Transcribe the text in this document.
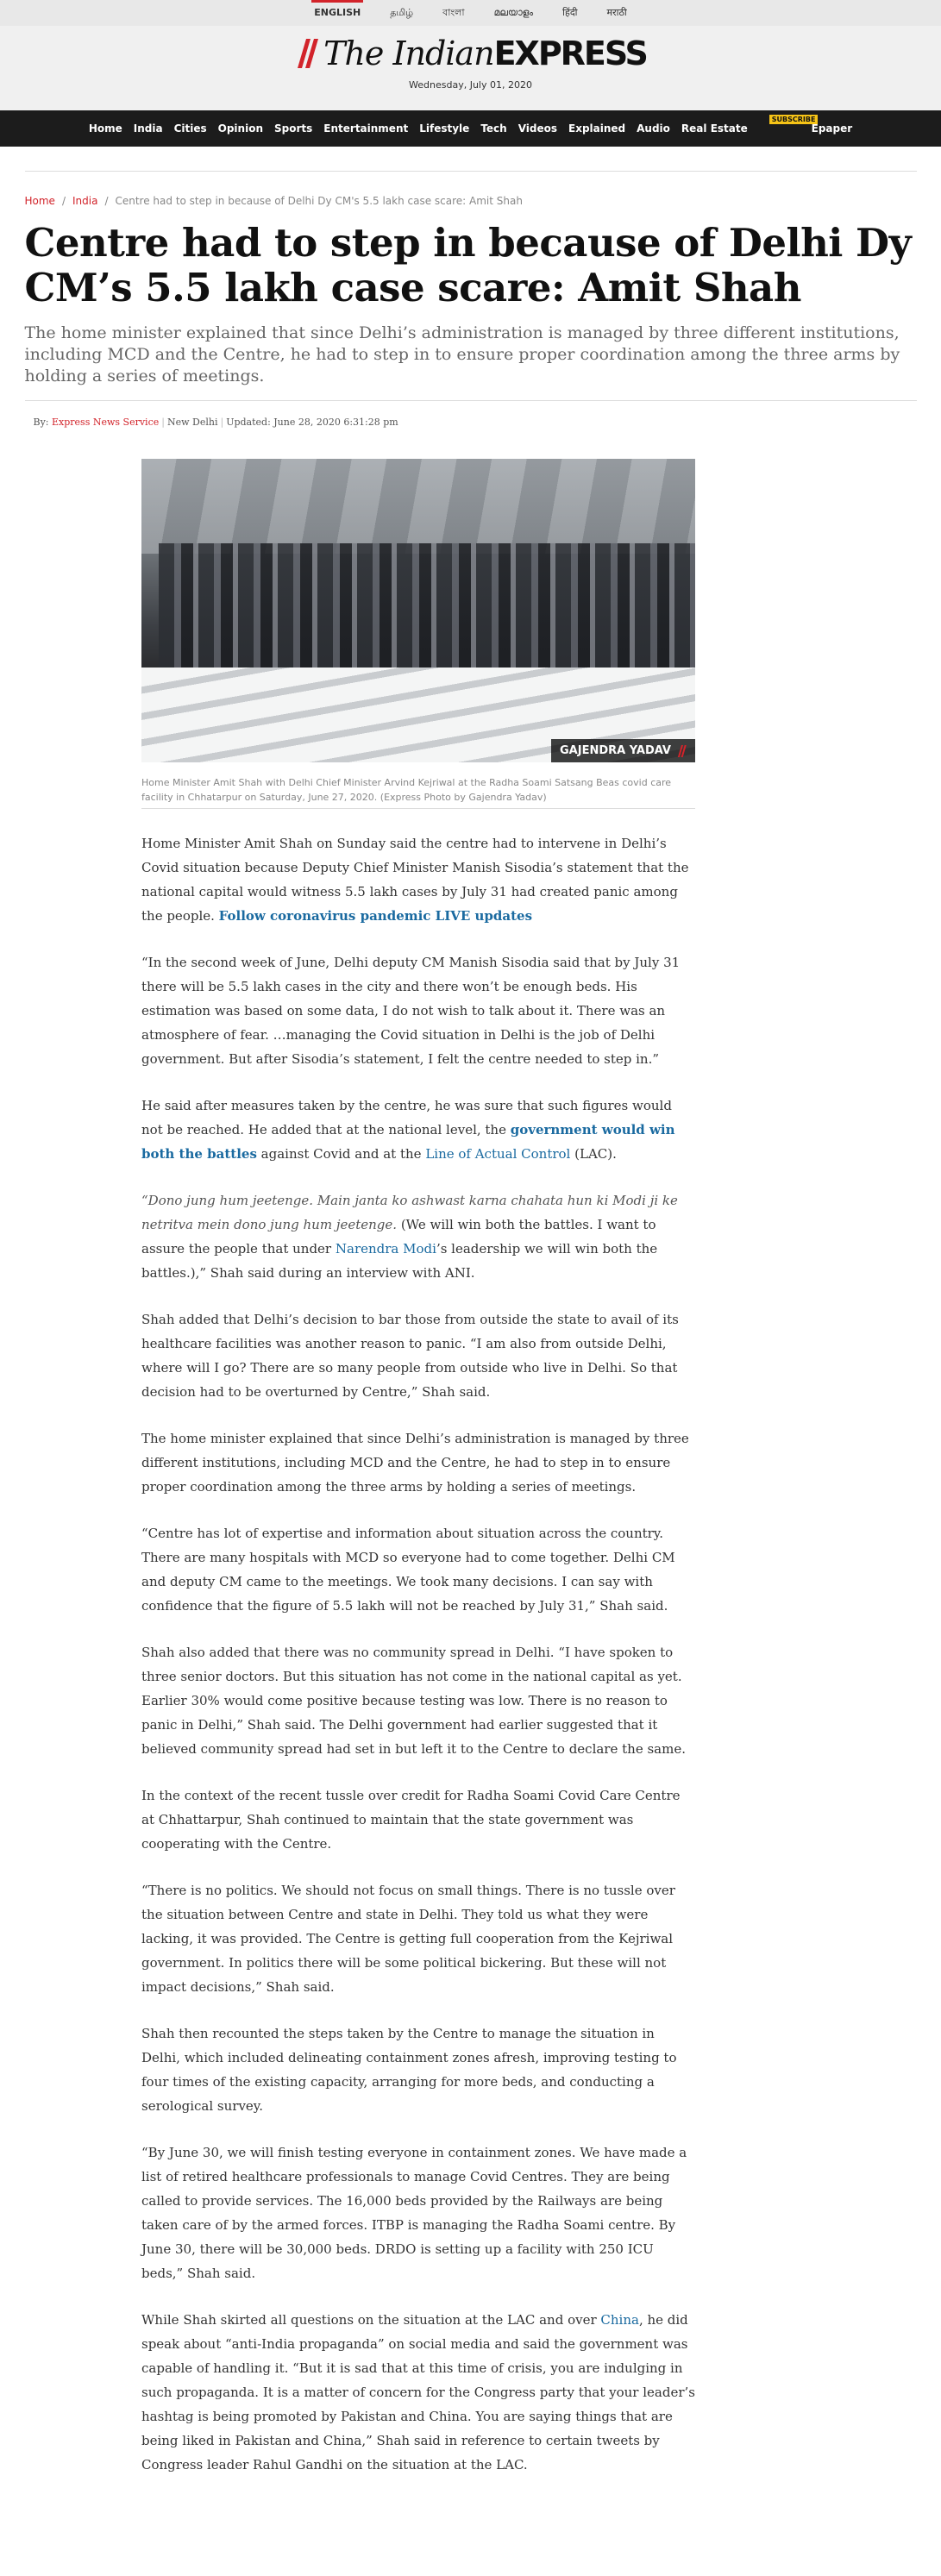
ENGLISH	தமிழ்	বাংলা	മലയാളം	हिंदी	मराठी
The IndianEXPRESS
Wednesday, July 01, 2020
Home India Cities Opinion Sports Entertainment Lifestyle Tech Videos Explained Audio Real Estate
$^{SUBSCRIBE}$ Epaper
Home / India / Centre had to step in because of Delhi Dy CM's 5.5 lakh case scare: Amit Shah
Centre had to step in because of Delhi Dy CM’s 5.5 lakh case scare: Amit Shah
The home minister explained that since Delhi’s administration is managed by three different institutions, including MCD and the Centre, he had to step in to ensure proper coordination among the three arms by holding a series of meetings.
By: Express News Service | New Delhi | Updated: June 28, 2020 6:31:28 pm
GAJENDRA YADAV
Home Minister Amit Shah with Delhi Chief Minister Arvind Kejriwal at the Radha Soami Satsang Beas covid care facility in Chhatarpur on Saturday, June 27, 2020. (Express Photo by Gajendra Yadav)

Home Minister Amit Shah on Sunday said the centre had to intervene in Delhi’s Covid situation because Deputy Chief Minister Manish Sisodia’s statement that the national capital would witness 5.5 lakh cases by July 31 had created panic among the people. Follow coronavirus pandemic LIVE updates

“In the second week of June, Delhi deputy CM Manish Sisodia said that by July 31 there will be 5.5 lakh cases in the city and there won’t be enough beds. His estimation was based on some data, I do not wish to talk about it. There was an atmosphere of fear. …managing the Covid situation in Delhi is the job of Delhi government. But after Sisodia’s statement, I felt the centre needed to step in.”

He said after measures taken by the centre, he was sure that such figures would not be reached. He added that at the national level, the government would win both the battles against Covid and at the Line of Actual Control (LAC).

“Dono jung hum jeetenge. Main janta ko ashwast karna chahata hun ki Modi ji ke netritva mein dono jung hum jeetenge. (We will win both the battles. I want to assure the people that under Narendra Modi’s leadership we will win both the battles.),” Shah said during an interview with ANI.

Shah added that Delhi’s decision to bar those from outside the state to avail of its healthcare facilities was another reason to panic. “I am also from outside Delhi, where will I go? There are so many people from outside who live in Delhi. So that decision had to be overturned by Centre,” Shah said.

The home minister explained that since Delhi’s administration is managed by three different institutions, including MCD and the Centre, he had to step in to ensure proper coordination among the three arms by holding a series of meetings.

“Centre has lot of expertise and information about situation across the country. There are many hospitals with MCD so everyone had to come together. Delhi CM and deputy CM came to the meetings. We took many decisions. I can say with confidence that the figure of 5.5 lakh will not be reached by July 31,” Shah said.

Shah also added that there was no community spread in Delhi. “I have spoken to three senior doctors. But this situation has not come in the national capital as yet. Earlier 30% would come positive because testing was low. There is no reason to panic in Delhi,” Shah said. The Delhi government had earlier suggested that it believed community spread had set in but left it to the Centre to declare the same.

In the context of the recent tussle over credit for Radha Soami Covid Care Centre at Chhattarpur, Shah continued to maintain that the state government was cooperating with the Centre.

“There is no politics. We should not focus on small things. There is no tussle over the situation between Centre and state in Delhi. They told us what they were lacking, it was provided. The Centre is getting full cooperation from the Kejriwal government. In politics there will be some political bickering. But these will not impact decisions,” Shah said.

Shah then recounted the steps taken by the Centre to manage the situation in Delhi, which included delineating containment zones afresh, improving testing to four times of the existing capacity, arranging for more beds, and conducting a serological survey.

“By June 30, we will finish testing everyone in containment zones. We have made a list of retired healthcare professionals to manage Covid Centres. They are being called to provide services. The 16,000 beds provided by the Railways are being taken care of by the armed forces. ITBP is managing the Radha Soami centre. By June 30, there will be 30,000 beds. DRDO is setting up a facility with 250 ICU beds,” Shah said.

While Shah skirted all questions on the situation at the LAC and over China, he did speak about “anti-India propaganda” on social media and said the government was capable of handling it. “But it is sad that at this time of crisis, you are indulging in such propaganda. It is a matter of concern for the Congress party that your leader’s hashtag is being promoted by Pakistan and China. You are saying things that are being liked in Pakistan and China,” Shah said in reference to certain tweets by Congress leader Rahul Gandhi on the situation at the LAC.
